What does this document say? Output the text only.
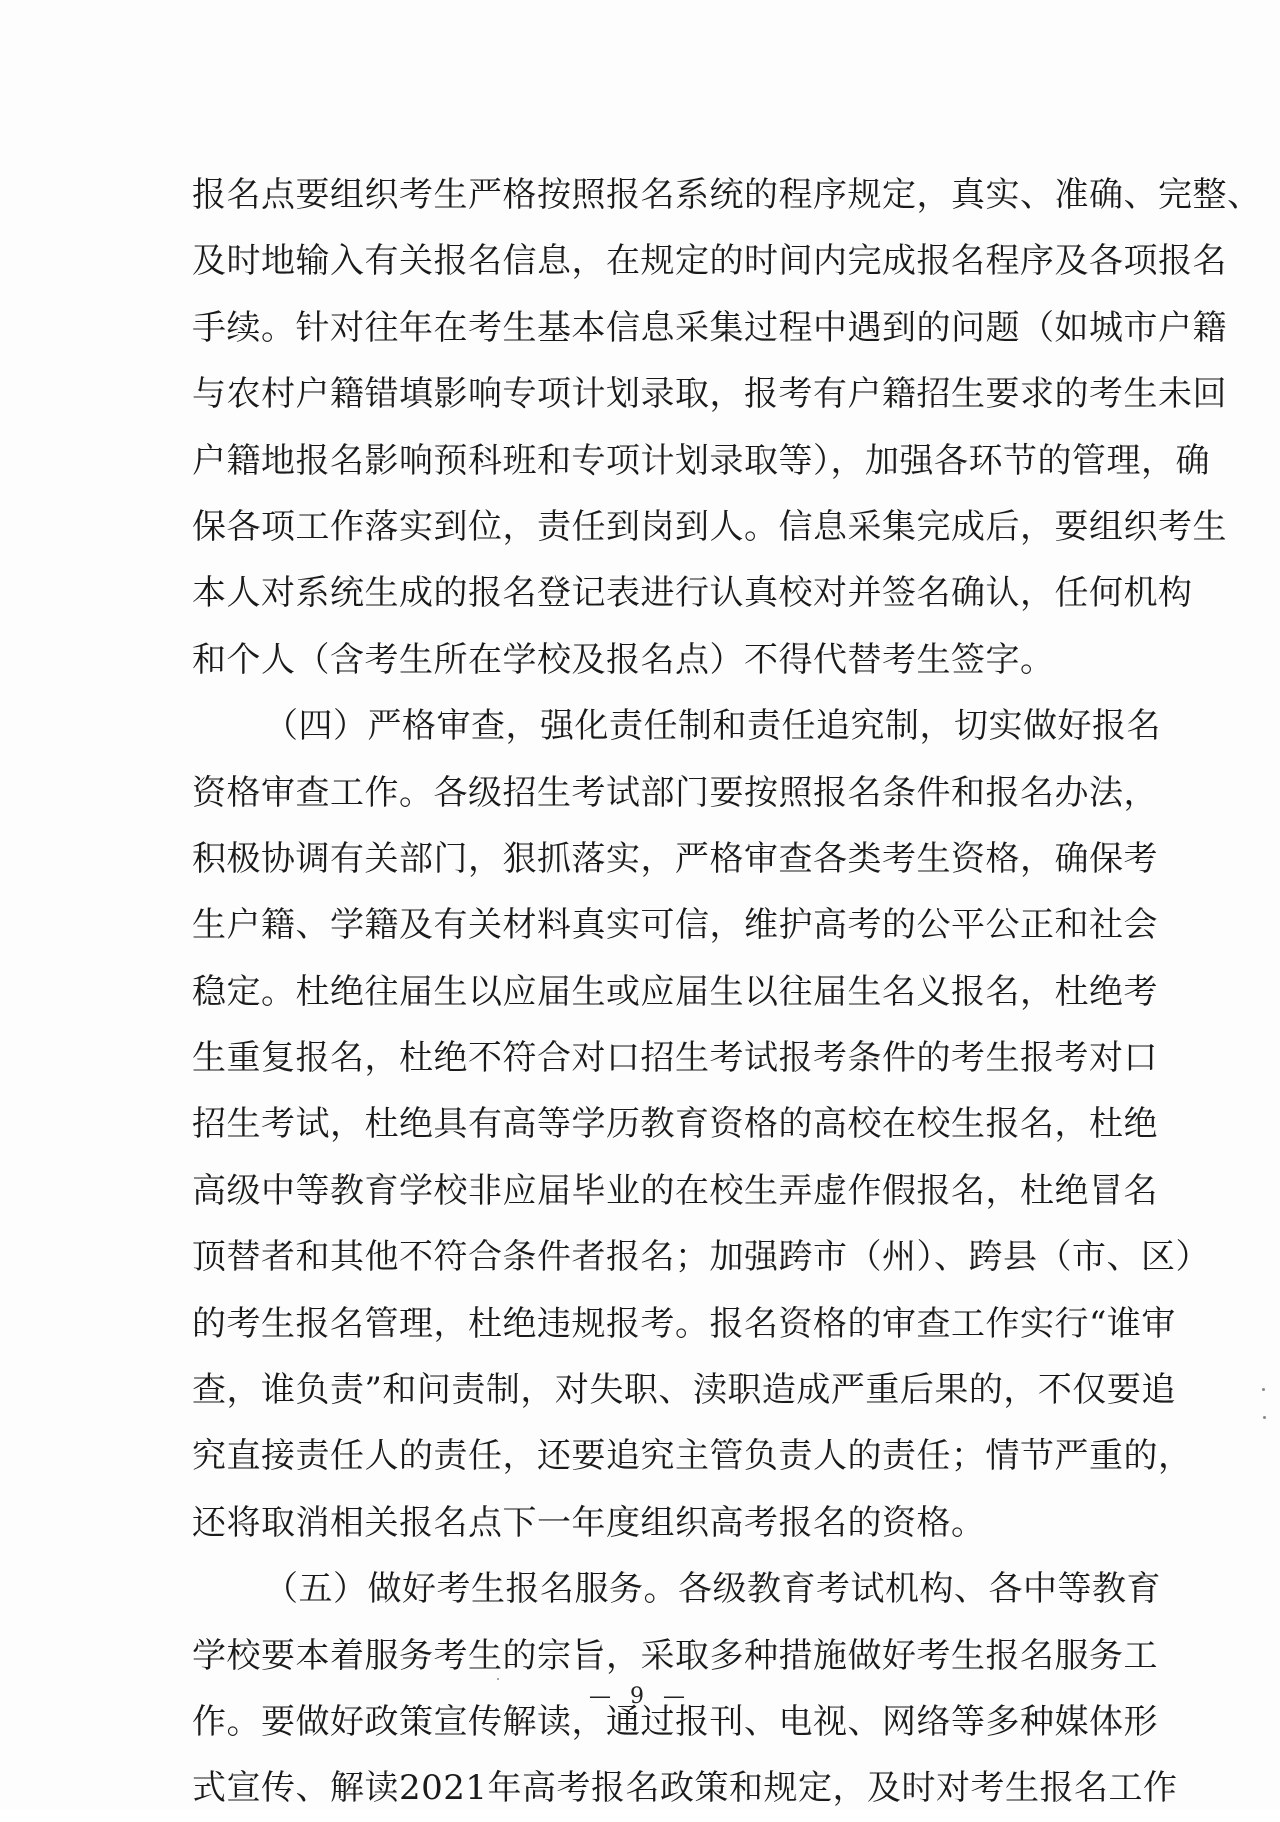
报名点要组织考生严格按照报名系统的程序规定，真实、准确、完整、
及时地输入有关报名信息，在规定的时间内完成报名程序及各项报名
手续。针对往年在考生基本信息采集过程中遇到的问题（如城市户籍
与农村户籍错填影响专项计划录取，报考有户籍招生要求的考生未回
户籍地报名影响预科班和专项计划录取等），加强各环节的管理，确
保各项工作落实到位，责任到岗到人。信息采集完成后，要组织考生
本人对系统生成的报名登记表进行认真校对并签名确认，任何机构
和个人（含考生所在学校及报名点）不得代替考生签字。
（四）严格审查，强化责任制和责任追究制，切实做好报名
资格审查工作。各级招生考试部门要按照报名条件和报名办法，
积极协调有关部门，狠抓落实，严格审查各类考生资格，确保考
生户籍、学籍及有关材料真实可信，维护高考的公平公正和社会
稳定。杜绝往届生以应届生或应届生以往届生名义报名，杜绝考
生重复报名，杜绝不符合对口招生考试报考条件的考生报考对口
招生考试，杜绝具有高等学历教育资格的高校在校生报名，杜绝
高级中等教育学校非应届毕业的在校生弄虚作假报名，杜绝冒名
顶替者和其他不符合条件者报名；加强跨市（州）、跨县（市、区）
的考生报名管理，杜绝违规报考。报名资格的审查工作实行“谁审
查，谁负责”和问责制，对失职、渎职造成严重后果的，不仅要追
究直接责任人的责任，还要追究主管负责人的责任；情节严重的，
还将取消相关报名点下一年度组织高考报名的资格。
（五）做好考生报名服务。各级教育考试机构、各中等教育
学校要本着服务考生的宗旨，采取多种措施做好考生报名服务工
作。要做好政策宣传解读，通过报刊、电视、网络等多种媒体形
式宣传、解读2021年高考报名政策和规定，及时对考生报名工作
— 9 —
